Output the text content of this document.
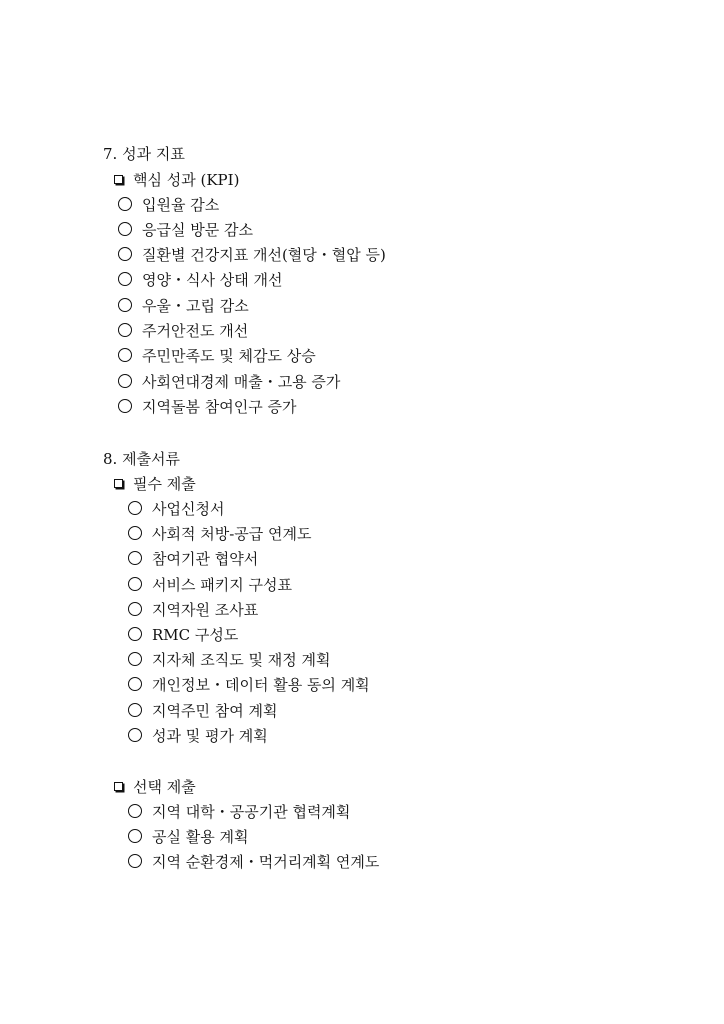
7. 성과 지표
핵심 성과 (KPI)
입원율 감소
응급실 방문 감소
질환별 건강지표 개선(혈당・혈압 등)
영양・식사 상태 개선
우울・고립 감소
주거안전도 개선
주민만족도 및 체감도 상승
사회연대경제 매출・고용 증가
지역돌봄 참여인구 증가
8. 제출서류
필수 제출
사업신청서
사회적 처방-공급 연계도
참여기관 협약서
서비스 패키지 구성표
지역자원 조사표
RMC 구성도
지자체 조직도 및 재정 계획
개인정보・데이터 활용 동의 계획
지역주민 참여 계획
성과 및 평가 계획
선택 제출
지역 대학・공공기관 협력계획
공실 활용 계획
지역 순환경제・먹거리계획 연계도
